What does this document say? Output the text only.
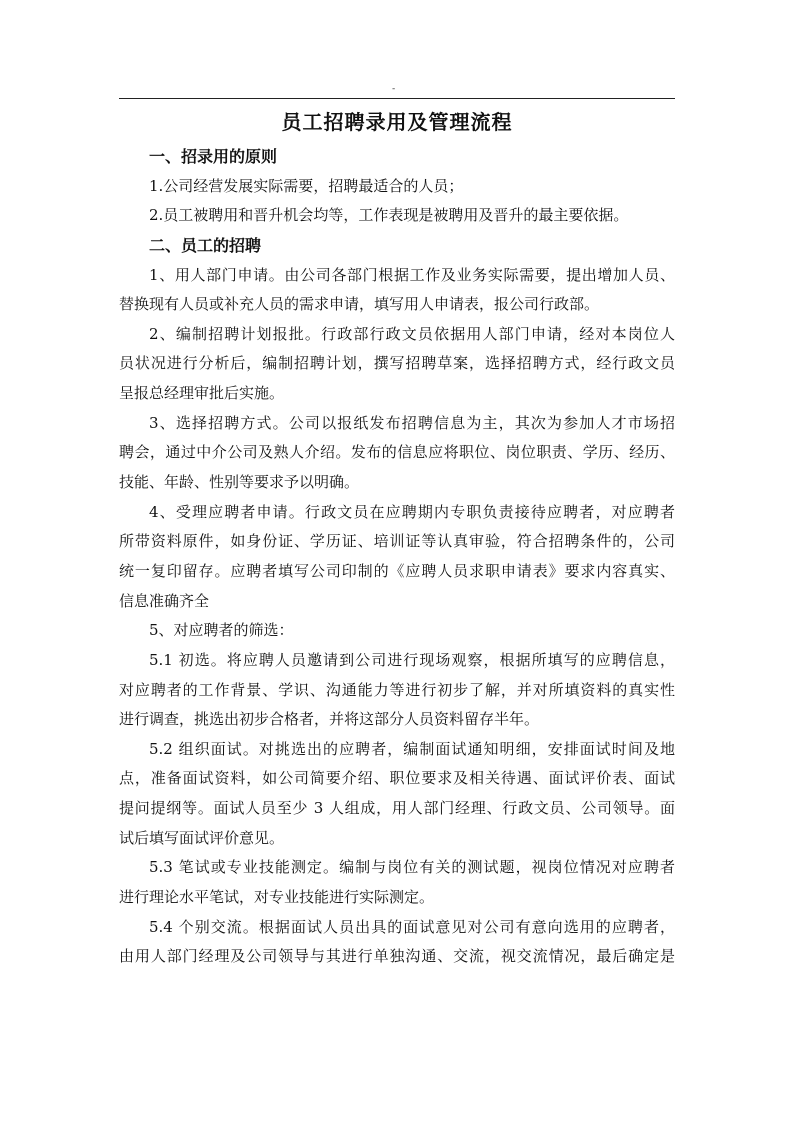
-
员工招聘录用及管理流程
一、招录用的原则
1.公司经营发展实际需要，招聘最适合的人员；
2.员工被聘用和晋升机会均等，工作表现是被聘用及晋升的最主要依据。
二、员工的招聘
1、用人部门申请。由公司各部门根据工作及业务实际需要，提出增加人员、
替换现有人员或补充人员的需求申请，填写用人申请表，报公司行政部。
2、编制招聘计划报批。行政部行政文员依据用人部门申请，经对本岗位人
员状况进行分析后，编制招聘计划，撰写招聘草案，选择招聘方式，经行政文员
呈报总经理审批后实施。
3、选择招聘方式。公司以报纸发布招聘信息为主，其次为参加人才市场招
聘会，通过中介公司及熟人介绍。发布的信息应将职位、岗位职责、学历、经历、
技能、年龄、性别等要求予以明确。
4、受理应聘者申请。行政文员在应聘期内专职负责接待应聘者，对应聘者
所带资料原件，如身份证、学历证、培训证等认真审验，符合招聘条件的，公司
统一复印留存。应聘者填写公司印制的《应聘人员求职申请表》要求内容真实、
信息准确齐全
5、对应聘者的筛选：
5.1 初选。将应聘人员邀请到公司进行现场观察，根据所填写的应聘信息，
对应聘者的工作背景、学识、沟通能力等进行初步了解，并对所填资料的真实性
进行调查，挑选出初步合格者，并将这部分人员资料留存半年。
5.2 组织面试。对挑选出的应聘者，编制面试通知明细，安排面试时间及地
点，准备面试资料，如公司简要介绍、职位要求及相关待遇、面试评价表、面试
提问提纲等。面试人员至少 3 人组成，用人部门经理、行政文员、公司领导。面
试后填写面试评价意见。
5.3 笔试或专业技能测定。编制与岗位有关的测试题，视岗位情况对应聘者
进行理论水平笔试，对专业技能进行实际测定。
5.4 个别交流。根据面试人员出具的面试意见对公司有意向选用的应聘者，
由用人部门经理及公司领导与其进行单独沟通、交流，视交流情况，最后确定是
